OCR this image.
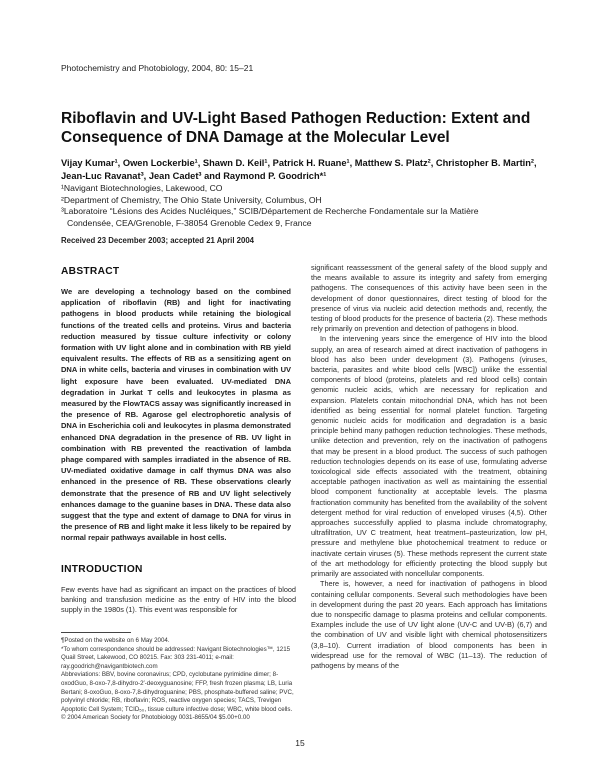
Photochemistry and Photobiology, 2004, 80: 15–21
Riboflavin and UV-Light Based Pathogen Reduction: Extent and Consequence of DNA Damage at the Molecular Level
Vijay Kumar¹, Owen Lockerbie¹, Shawn D. Keil¹, Patrick H. Ruane¹, Matthew S. Platz², Christopher B. Martin², Jean-Luc Ravanat³, Jean Cadet³ and Raymond P. Goodrich*¹
¹Navigant Biotechnologies, Lakewood, CO
²Department of Chemistry, The Ohio State University, Columbus, OH
³Laboratoire “Lésions des Acides Nucléiques,” SCIB/Département de Recherche Fondamentale sur la Matière
Condensée, CEA/Grenoble, F-38054 Grenoble Cedex 9, France
Received 23 December 2003; accepted 21 April 2004
ABSTRACT
We are developing a technology based on the combined application of riboflavin (RB) and light for inactivating pathogens in blood products while retaining the biological functions of the treated cells and proteins. Virus and bacteria reduction measured by tissue culture infectivity or colony formation with UV light alone and in combination with RB yield equivalent results. The effects of RB as a sensitizing agent on DNA in white cells, bacteria and viruses in combination with UV light exposure have been evaluated. UV-mediated DNA degradation in Jurkat T cells and leukocytes in plasma as measured by the FlowTACS assay was significantly increased in the presence of RB. Agarose gel electrophoretic analysis of DNA in Escherichia coli and leukocytes in plasma demonstrated enhanced DNA degradation in the presence of RB. UV light in combination with RB prevented the reactivation of lambda phage compared with samples irradiated in the absence of RB. UV-mediated oxidative damage in calf thymus DNA was also enhanced in the presence of RB. These observations clearly demonstrate that the presence of RB and UV light selectively enhances damage to the guanine bases in DNA. These data also suggest that the type and extent of damage to DNA for virus in the presence of RB and light make it less likely to be repaired by normal repair pathways available in host cells.
INTRODUCTION

Few events have had as significant an impact on the practices of blood banking and transfusion medicine as the entry of HIV into the blood supply in the 1980s (1). This event was responsible for

¶Posted on the website on 6 May 2004.
*To whom correspondence should be addressed: Navigant Biotechnologies™, 1215 Quail Street, Lakewood, CO 80215. Fax: 303 231-4011; e-mail: ray.goodrich@navigantbiotech.com
Abbreviations: BBV, bovine coronavirus; CPD, cyclobutane pyrimidine dimer; 8-oxodGuo, 8-oxo-7,8-dihydro-2′-deoxyguanosine; FFP, fresh frozen plasma; LB, Luria Bertani; 8-oxoGuo, 8-oxo-7,8-dihydroguanine; PBS, phosphate-buffered saline; PVC, polyvinyl chloride; RB, riboflavin; ROS, reactive oxygen species; TACS, Trevigen Apoptotic Cell System; TCID₅₀, tissue culture infective dose; WBC, white blood cells.
© 2004 American Society for Photobiology 0031-8655/04 $5.00+0.00

significant reassessment of the general safety of the blood supply and the means available to assure its integrity and safety from emerging pathogens. The consequences of this activity have been seen in the development of donor questionnaires, direct testing of blood for the presence of virus via nucleic acid detection methods and, recently, the testing of blood products for the presence of bacteria (2). These methods rely primarily on prevention and detection of pathogens in blood.

In the intervening years since the emergence of HIV into the blood supply, an area of research aimed at direct inactivation of pathogens in blood has also been under development (3). Pathogens (viruses, bacteria, parasites and white blood cells [WBC]) unlike the essential components of blood (proteins, platelets and red blood cells) contain genomic nucleic acids, which are necessary for replication and expansion. Platelets contain mitochondrial DNA, which has not been identified as being essential for normal platelet function. Targeting genomic nucleic acids for modification and degradation is a basic principle behind many pathogen reduction technologies. These methods, unlike detection and prevention, rely on the inactivation of pathogens that may be present in a blood product. The success of such pathogen reduction technologies depends on its ease of use, formulating adverse toxicological side effects associated with the treatment, obtaining acceptable pathogen inactivation as well as maintaining the essential blood component functionality at acceptable levels. The plasma fractionation community has benefited from the availability of the solvent detergent method for viral reduction of enveloped viruses (4,5). Other approaches successfully applied to plasma include chromatography, ultrafiltration, UV C treatment, heat treatment–pasteurization, low pH, pressure and methylene blue photochemical treatment to reduce or inactivate certain viruses (5). These methods represent the current state of the art methodology for efficiently protecting the blood supply but primarily are associated with noncellular components.

There is, however, a need for inactivation of pathogens in blood containing cellular components. Several such methodologies have been in development during the past 20 years. Each approach has limitations due to nonspecific damage to plasma proteins and cellular components. Examples include the use of UV light alone (UV-C and UV-B) (6,7) and the combination of UV and visible light with chemical photosensitizers (3,8–10). Current irradiation of blood components has been in widespread use for the removal of WBC (11–13). The reduction of pathogens by means of the

15
